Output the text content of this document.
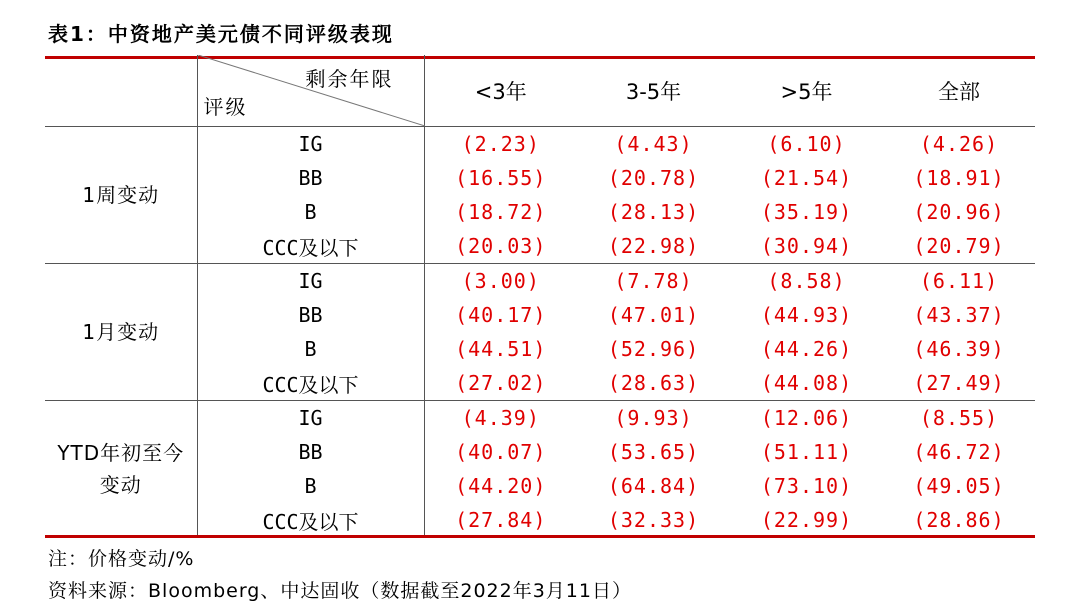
表1：中资地产美元债不同评级表现

	剩余年限
评级	<3年	3-5年	>5年	全部
1周变动	IG	(2.23)	(4.43)	(6.10)	(4.26)
	BB	(16.55)	(20.78)	(21.54)	(18.91)
	B	(18.72)	(28.13)	(35.19)	(20.96)
	CCC及以下	(20.03)	(22.98)	(30.94)	(20.79)
1月变动	IG	(3.00)	(7.78)	(8.58)	(6.11)
	BB	(40.17)	(47.01)	(44.93)	(43.37)
	B	(44.51)	(52.96)	(44.26)	(46.39)
	CCC及以下	(27.02)	(28.63)	(44.08)	(27.49)

YTD年初至今
变动	IG	(4.39)	(9.93)	(12.06)	(8.55)
	BB	(40.07)	(53.65)	(51.11)	(46.72)
	B	(44.20)	(64.84)	(73.10)	(49.05)
	CCC及以下	(27.84)	(32.33)	(22.99)	(28.86)
注：价格变动/%
资料来源：Bloomberg、中达固收（数据截至2022年3月11日）
